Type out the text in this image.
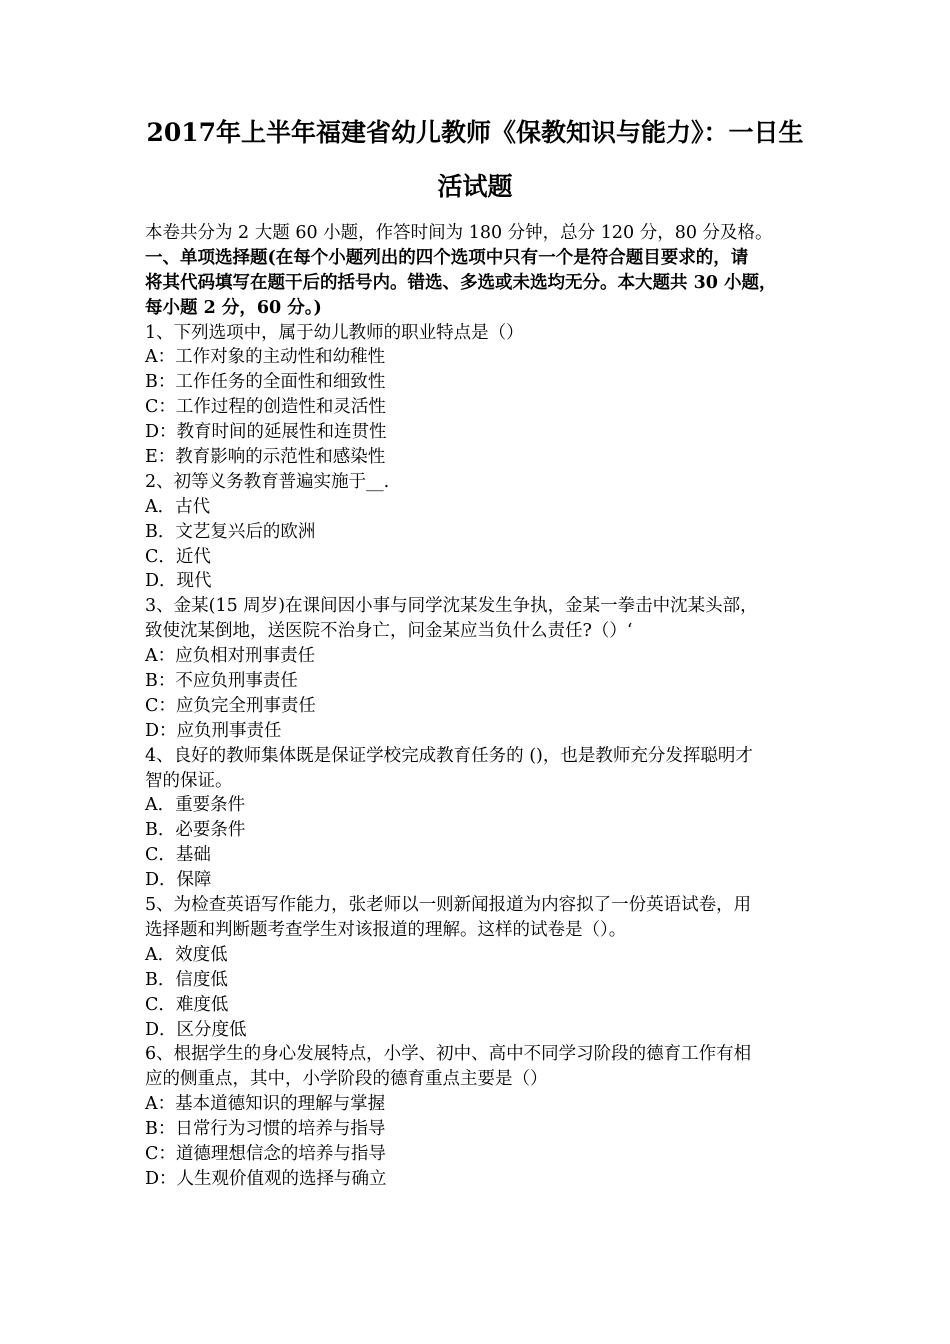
2017年上半年福建省幼儿教师《保教知识与能力》：一日生
活试题
本卷共分为 2 大题 60 小题，作答时间为 180 分钟，总分 120 分，80 分及格。
一、单项选择题(在每个小题列出的四个选项中只有一个是符合题目要求的，请
将其代码填写在题干后的括号内。错选、多选或未选均无分。本大题共 30 小题，
每小题 2 分，60 分。)
1、下列选项中，属于幼儿教师的职业特点是（）
A：工作对象的主动性和幼稚性
B：工作任务的全面性和细致性
C：工作过程的创造性和灵活性
D：教育时间的延展性和连贯性
E：教育影响的示范性和感染性
2、初等义务教育普遍实施于__.
A．古代
B．文艺复兴后的欧洲
C．近代
D．现代
3、金某(15 周岁)在课间因小事与同学沈某发生争执，金某一拳击中沈某头部，
致使沈某倒地，送医院不治身亡，问金某应当负什么责任?（）‘
A：应负相对刑事责任
B：不应负刑事责任
C：应负完全刑事责任
D：应负刑事责任
4、良好的教师集体既是保证学校完成教育任务的 ()，也是教师充分发挥聪明才
智的保证。
A．重要条件
B．必要条件
C．基础
D．保障
5、为检查英语写作能力，张老师以一则新闻报道为内容拟了一份英语试卷，用
选择题和判断题考查学生对该报道的理解。这样的试卷是（）。
A．效度低
B．信度低
C．难度低
D．区分度低
6、根据学生的身心发展特点，小学、初中、高中不同学习阶段的德育工作有相
应的侧重点，其中，小学阶段的德育重点主要是（）
A：基本道德知识的理解与掌握
B：日常行为习惯的培养与指导
C：道德理想信念的培养与指导
D：人生观价值观的选择与确立
